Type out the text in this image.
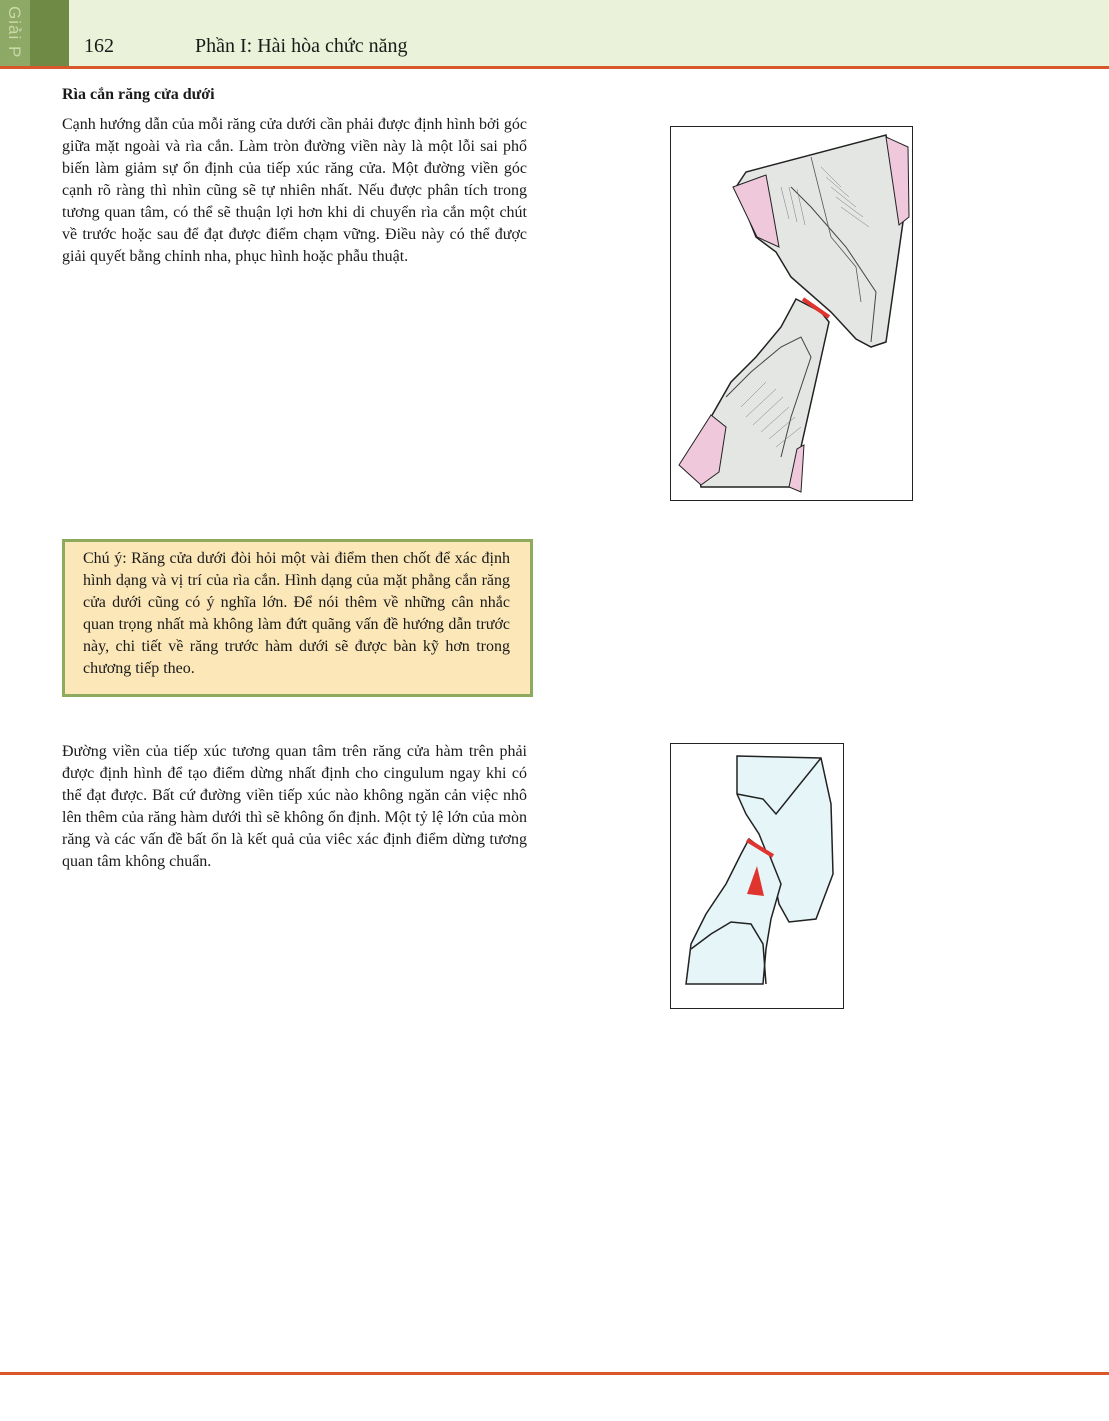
Giải P	162	Phần I: Hài hòa chức năng
Rìa cắn răng cửa dưới
Cạnh hướng dẫn của mỗi răng cửa dưới cần phải được định hình bởi góc giữa mặt ngoài và rìa cắn. Làm tròn đường viền này là một lỗi sai phổ biến làm giảm sự ổn định của tiếp xúc răng cửa. Một đường viền góc cạnh rõ ràng thì nhìn cũng sẽ tự nhiên nhất. Nếu được phân tích trong tương quan tâm, có thể sẽ thuận lợi hơn khi di chuyển rìa cắn một chút về trước hoặc sau để đạt được điểm chạm vững. Điều này có thể được giải quyết bằng chỉnh nha, phục hình hoặc phẫu thuật.
Chú ý: Răng cửa dưới đòi hỏi một vài điểm then chốt để xác định hình dạng và vị trí của rìa cắn. Hình dạng của mặt phẳng cắn răng cửa dưới cũng có ý nghĩa lớn. Để nói thêm về những cân nhắc quan trọng nhất mà không làm đứt quãng vấn đề hướng dẫn trước này, chi tiết về răng trước hàm dưới sẽ được bàn kỹ hơn trong chương tiếp theo.
Đường viền của tiếp xúc tương quan tâm trên răng cửa hàm trên phải được định hình để tạo điểm dừng nhất định cho cingulum ngay khi có thể đạt được. Bất cứ đường viền tiếp xúc nào không ngăn cản việc nhô lên thêm của răng hàm dưới thì sẽ không ổn định. Một tỷ lệ lớn của mòn răng và các vấn đề bất ổn là kết quả của viêc xác định điểm dừng tương quan tâm không chuẩn.
